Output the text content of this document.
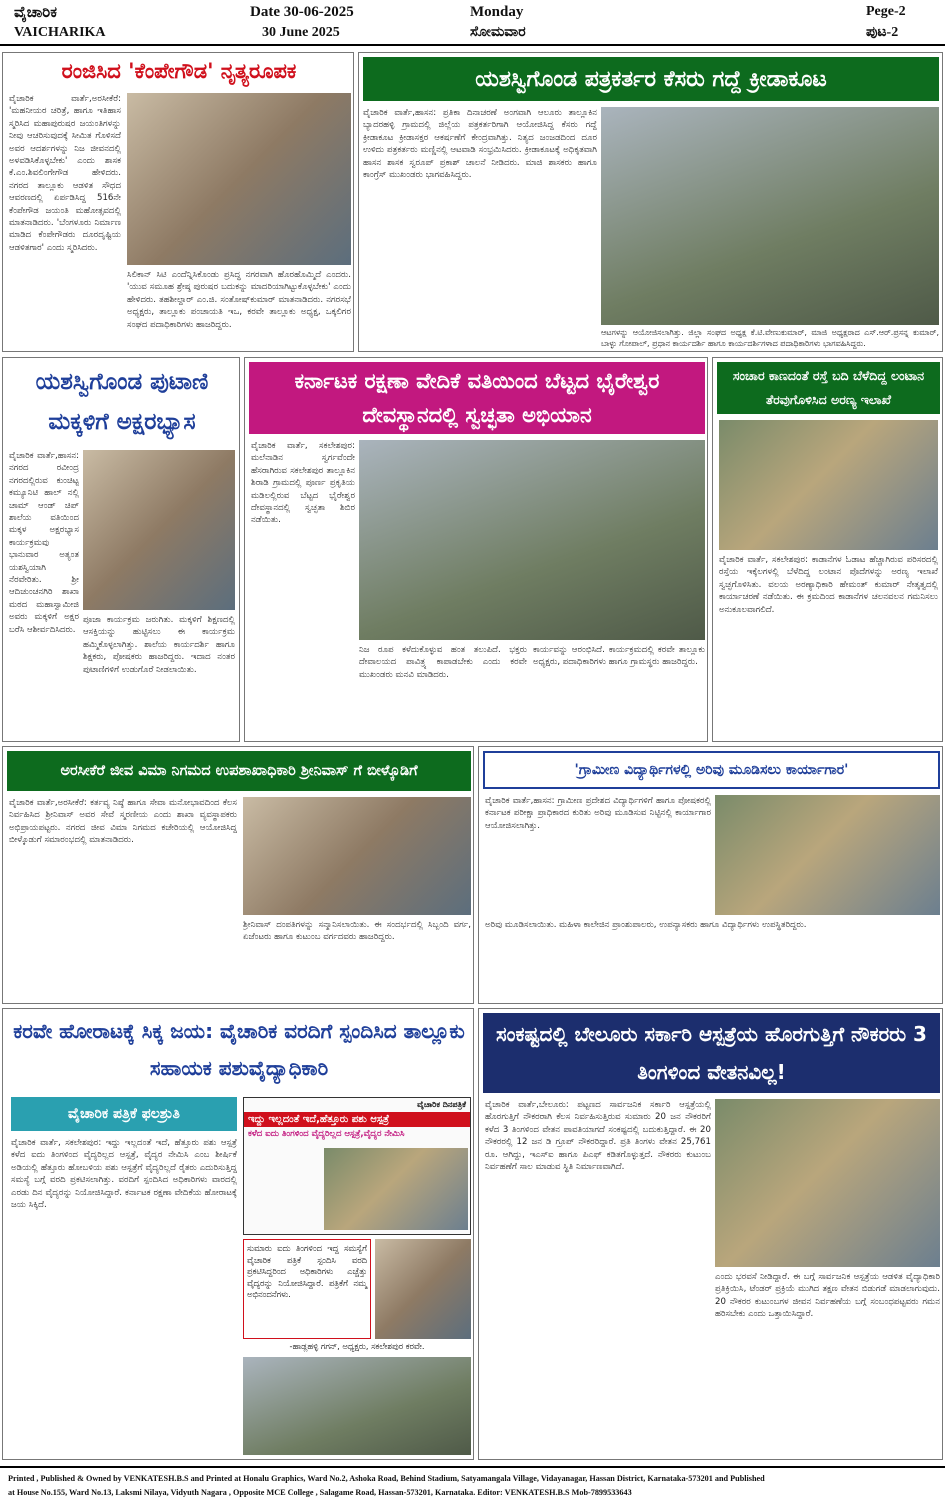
ವೈಚಾರಿಕ
VAICHARIKA
Date 30-06-2025
30 June 2025
Monday
ಸೋಮವಾರ
Pege-2
ಪುಟ-2
ರಂಜಿಸಿದ 'ಕೆಂಪೇಗೌಡ' ನೃತ್ಯರೂಪಕ
ವೈಚಾರಿಕ ವಾರ್ತೆ,ಅರಸೀಕೆರೆ: 'ಮಹನೀಯರ ಚರಿತ್ರೆ, ಹಾಗೂ ಇತಿಹಾಸ ಸ್ಮರಿಸಿದ ಮಹಾಪುರುಷರ ಜಯಂತಿಗಳನ್ನು ನೀವು ಆಚರಿಸುವುದಕ್ಕೆ ಸೀಮಿತ ಗೊಳಿಸದೆ ಅವರ ಆದರ್ಶಗಳನ್ನು ನಿಜ ಜೀವನದಲ್ಲಿ ಅಳವಡಿಸಿಕೊಳ್ಳಬೇಕು' ಎಂದು ಶಾಸಕ ಕೆ.ಎಂ.ಶಿವಲಿಂಗೇಗೌಡ ಹೇಳಿದರು. ನಗರದ ತಾಲ್ಲೂಕು ಆಡಳಿತ ಸೌಧದ ಆವರಣದಲ್ಲಿ ಏರ್ಪಡಿಸಿದ್ದ 516ನೇ ಕೆಂಪೇಗೌಡ ಜಯಂತಿ ಮಹೋತ್ಸವದಲ್ಲಿ ಮಾತನಾಡಿದರು. 'ಬೆಂಗಳೂರು ನಿರ್ಮಾಣ ಮಾಡಿದ ಕೆಂಪೇಗೌಡರು ದೂರದೃಷ್ಟಿಯ ಆಡಳಿತಗಾರ' ಎಂದು ಸ್ಮರಿಸಿದರು.
ಸಿಲಿಕಾನ್ ಸಿಟಿ ಎಂದೆನ್ನಿಸಿಕೊಂಡು ಪ್ರಸಿದ್ಧ ನಗರವಾಗಿ ಹೊರಹೊಮ್ಮಿದೆ ಎಂದರು. 'ಯುವ ಸಮೂಹ ಶ್ರೇಷ್ಠ ಪುರುಷರ ಬದುಕನ್ನು ಮಾದರಿಯಾಗಿಟ್ಟುಕೊಳ್ಳಬೇಕು' ಎಂದು ಹೇಳಿದರು. ತಹಶೀಲ್ದಾರ್ ಎಂ.ಜಿ. ಸಂತೋಷ್‌ಕುಮಾರ್ ಮಾತನಾಡಿದರು. ನಗರಸಭೆ ಅಧ್ಯಕ್ಷರು, ತಾಲ್ಲೂಕು ಪಂಚಾಯತಿ ಇಒ, ಕರವೇ ತಾಲ್ಲೂಕು ಅಧ್ಯಕ್ಷ, ಒಕ್ಕಲಿಗರ ಸಂಘದ ಪದಾಧಿಕಾರಿಗಳು ಹಾಜರಿದ್ದರು.
ಯಶಸ್ವಿಗೊಂಡ ಪತ್ರಕರ್ತರ ಕೆಸರು ಗದ್ದೆ ಕ್ರೀಡಾಕೂಟ
ವೈಚಾರಿಕ ವಾರ್ತೆ,ಹಾಸನ: ಪ್ರತಿಕಾ ದಿನಾಚರಣೆ ಅಂಗವಾಗಿ ಆಲೂರು ತಾಲ್ಲೂಕಿನ ಬ್ಯಾದರಹಳ್ಳಿ ಗ್ರಾಮದಲ್ಲಿ ಜಿಲ್ಲೆಯ ಪತ್ರಕರ್ತರಿಗಾಗಿ ಆಯೋಜಿಸಿದ್ದ ಕೆಸರು ಗದ್ದೆ ಕ್ರೀಡಾಕೂಟ ಕ್ರೀಡಾಸಕ್ತರ ಆಕರ್ಷಣೆಗೆ ಕೇಂದ್ರವಾಗಿತ್ತು. ನಿತ್ಯದ ಜಂಜಡದಿಂದ ದೂರ ಉಳಿದು ಪತ್ರಕರ್ತರು ಮಣ್ಣಿನಲ್ಲಿ ಆಟವಾಡಿ ಸಂಭ್ರಮಿಸಿದರು. ಕ್ರೀಡಾಕೂಟಕ್ಕೆ ಅಧಿಕೃತವಾಗಿ ಹಾಸನ ಶಾಸಕ ಸ್ವರೂಪ್ ಪ್ರಕಾಶ್ ಚಾಲನೆ ನೀಡಿದರು. ಮಾಜಿ ಶಾಸಕರು ಹಾಗೂ ಕಾಂಗ್ರೆಸ್ ಮುಖಂಡರು ಭಾಗವಹಿಸಿದ್ದರು.
ಆಟಗಳನ್ನು ಆಯೋಜಿಸಲಾಗಿತ್ತು. ಜಿಲ್ಲಾ ಸಂಘದ ಅಧ್ಯಕ್ಷ ಕೆ.ಟಿ.ವೇಣುಕುಮಾರ್, ಮಾಜಿ ಅಧ್ಯಕ್ಷರಾದ ಎಸ್.ಆರ್.ಪ್ರಸನ್ನ ಕುಮಾರ್, ಬಾಳ್ಳು ಗೋಪಾಲ್, ಪ್ರಧಾನ ಕಾರ್ಯದರ್ಶಿ ಹಾಗೂ ಕಾರ್ಯದರ್ಶಿಗಳಾದ ಪದಾಧಿಕಾರಿಗಳು ಭಾಗವಹಿಸಿದ್ದರು.
ಯಶಸ್ವಿಗೊಂಡ ಪುಟಾಣಿ ಮಕ್ಕಳಿಗೆ ಅಕ್ಷರಭ್ಯಾಸ
ವೈಚಾರಿಕ ವಾರ್ತೆ,ಹಾಸನ: ನಗರದ ರವೀಂದ್ರ ನಗರದಲ್ಲಿರುವ ಕುಂಚಿಟ್ಟ ಕಮ್ಯೂನಿಟಿ ಹಾಲ್ ನಲ್ಲಿ ಚಾಮ್ ಆಂಡ್ ಚಿಪ್ ಶಾಲೆಯ ವತಿಯಿಂದ ಮಕ್ಕಳ ಅಕ್ಷರಭ್ಯಾಸ ಕಾರ್ಯಕ್ರಮವು ಭಾನುವಾರ ಅತ್ಯಂತ ಯಶಸ್ವಿಯಾಗಿ ನೆರವೇರಿತು. ಶ್ರೀ ಆದಿಚುಂಚನಗಿರಿ ಶಾಖಾ ಮಠದ ಮಹಾಸ್ವಾಮೀಜಿ ಅವರು ಮಕ್ಕಳಿಗೆ ಅಕ್ಷರ ಬರೆಸಿ ಆಶೀರ್ವದಿಸಿದರು.
ಪೂಜಾ ಕಾರ್ಯಕ್ರಮ ಜರುಗಿತು. ಮಕ್ಕಳಿಗೆ ಶಿಕ್ಷಣದಲ್ಲಿ ಆಸಕ್ತಿಯನ್ನು ಹುಟ್ಟಿಸಲು ಈ ಕಾರ್ಯಕ್ರಮ ಹಮ್ಮಿಕೊಳ್ಳಲಾಗಿತ್ತು. ಶಾಲೆಯ ಕಾರ್ಯದರ್ಶಿ ಹಾಗೂ ಶಿಕ್ಷಕರು, ಪೋಷಕರು ಹಾಜರಿದ್ದರು. ಇದಾದ ನಂತರ ಪುಟಾಣಿಗಳಿಗೆ ಉಡುಗೊರೆ ನೀಡಲಾಯಿತು.
ಕರ್ನಾಟಕ ರಕ್ಷಣಾ ವೇದಿಕೆ ವತಿಯಿಂದ ಬೆಟ್ಟದ ಭೈರೇಶ್ವರ ದೇವಸ್ಥಾನದಲ್ಲಿ ಸ್ವಚ್ಛತಾ ಅಭಿಯಾನ
ವೈಚಾರಿಕ ವಾರ್ತೆ, ಸಕಲೇಶಪುರ: ಮಲೆನಾಡಿನ ಸ್ವರ್ಗವೆಂದೇ ಹೆಸರಾಗಿರುವ ಸಕಲೇಶಪುರ ತಾಲ್ಲೂಕಿನ ಶಿರಾಡಿ ಗ್ರಾಮದಲ್ಲಿ ಪೂರ್ಣ ಪ್ರಕೃತಿಯ ಮಡಿಲಲ್ಲಿರುವ ಬೆಟ್ಟದ ಭೈರೇಶ್ವರ ದೇವಸ್ಥಾನದಲ್ಲಿ ಸ್ವಚ್ಛತಾ ಶಿಬಿರ ನಡೆಯಿತು.
ನಿಜ ರೂಪ ಕಳೆದುಕೊಳ್ಳುವ ಹಂತ ತಲುಪಿದೆ. ಭಕ್ತರು ದೇವಾಲಯದ ಪಾವಿತ್ರ್ಯ ಕಾಪಾಡಬೇಕು ಎಂದು ಕರವೇ ಮುಖಂಡರು ಮನವಿ ಮಾಡಿದರು.
ಕಾರ್ಯವನ್ನು ಆರಂಭಿಸಿದೆ. ಕಾರ್ಯಕ್ರಮದಲ್ಲಿ ಕರವೇ ತಾಲ್ಲೂಕು ಅಧ್ಯಕ್ಷರು, ಪದಾಧಿಕಾರಿಗಳು ಹಾಗೂ ಗ್ರಾಮಸ್ಥರು ಹಾಜರಿದ್ದರು.
ಸಂಚಾರ ಕಾಣದಂತೆ ರಸ್ತೆ ಬದಿ ಬೆಳೆದಿದ್ದ ಲಂಟಾನ ತೆರವುಗೊಳಿಸಿದ ಅರಣ್ಯ ಇಲಾಖೆ
ವೈಚಾರಿಕ ವಾರ್ತೆ, ಸಕಲೇಶಪುರ: ಕಾಡಾನೆಗಳ ಓಡಾಟ ಹೆಚ್ಚಾಗಿರುವ ಪರಿಸರದಲ್ಲಿ ರಸ್ತೆಯ ಇಕ್ಕೆಲಗಳಲ್ಲಿ ಬೆಳೆದಿದ್ದ ಲಂಟಾನ ಪೊದೆಗಳನ್ನು ಅರಣ್ಯ ಇಲಾಖೆ ಸ್ವಚ್ಛಗೊಳಿಸಿತು. ವಲಯ ಅರಣ್ಯಾಧಿಕಾರಿ ಹೇಮಂತ್ ಕುಮಾರ್ ನೇತೃತ್ವದಲ್ಲಿ ಕಾರ್ಯಾಚರಣೆ ನಡೆಯಿತು. ಈ ಕ್ರಮದಿಂದ ಕಾಡಾನೆಗಳ ಚಲನವಲನ ಗಮನಿಸಲು ಅನುಕೂಲವಾಗಲಿದೆ.
ಅರಸೀಕೆರೆ ಜೀವ ವಿಮಾ ನಿಗಮದ ಉಪಶಾಖಾಧಿಕಾರಿ ಶ್ರೀನಿವಾಸ್ ಗೆ ಬೀಳ್ಕೊಡಿಗೆ
ವೈಚಾರಿಕ ವಾರ್ತೆ,ಅರಸೀಕೆರೆ: ಕರ್ತವ್ಯ ನಿಷ್ಠೆ ಹಾಗೂ ಸೇವಾ ಮನೋಭಾವದಿಂದ ಕೆಲಸ ನಿರ್ವಹಿಸಿದ ಶ್ರೀನಿವಾಸ್ ಅವರ ಸೇವೆ ಸ್ಮರಣೀಯ ಎಂದು ಶಾಖಾ ವ್ಯವಸ್ಥಾಪಕರು ಅಭಿಪ್ರಾಯಪಟ್ಟರು. ನಗರದ ಜೀವ ವಿಮಾ ನಿಗಮದ ಕಚೇರಿಯಲ್ಲಿ ಆಯೋಜಿಸಿದ್ದ ಬೀಳ್ಕೊಡುಗೆ ಸಮಾರಂಭದಲ್ಲಿ ಮಾತನಾಡಿದರು.
ಶ್ರೀನಿವಾಸ್ ದಂಪತಿಗಳನ್ನು ಸನ್ಮಾನಿಸಲಾಯಿತು. ಈ ಸಂದರ್ಭದಲ್ಲಿ ಸಿಬ್ಬಂದಿ ವರ್ಗ, ಏಜೆಂಟರು ಹಾಗೂ ಕುಟುಂಬ ವರ್ಗದವರು ಹಾಜರಿದ್ದರು.
'ಗ್ರಾಮೀಣ ವಿದ್ಯಾರ್ಥಿಗಳಲ್ಲಿ ಅರಿವು ಮೂಡಿಸಲು ಕಾರ್ಯಾಗಾರ'
ವೈಚಾರಿಕ ವಾರ್ತೆ,ಹಾಸನ: ಗ್ರಾಮೀಣ ಪ್ರದೇಶದ ವಿದ್ಯಾರ್ಥಿಗಳಿಗೆ ಹಾಗೂ ಪೋಷಕರಲ್ಲಿ ಕರ್ನಾಟಕ ಪರೀಕ್ಷಾ ಪ್ರಾಧಿಕಾರದ ಕುರಿತು ಅರಿವು ಮೂಡಿಸುವ ನಿಟ್ಟಿನಲ್ಲಿ ಕಾರ್ಯಾಗಾರ ಆಯೋಜಿಸಲಾಗಿತ್ತು.
ಅರಿವು ಮೂಡಿಸಲಾಯಿತು. ಮಹಿಳಾ ಕಾಲೇಜಿನ ಪ್ರಾಂಶುಪಾಲರು, ಉಪನ್ಯಾಸಕರು ಹಾಗೂ ವಿದ್ಯಾರ್ಥಿಗಳು ಉಪಸ್ಥಿತರಿದ್ದರು.
ಕರವೇ ಹೋರಾಟಕ್ಕೆ ಸಿಕ್ಕ ಜಯ: ವೈಚಾರಿಕ ವರದಿಗೆ ಸ್ಪಂದಿಸಿದ ತಾಲ್ಲೂಕು ಸಹಾಯಕ ಪಶುವೈದ್ಯಾಧಿಕಾರಿ
ವೈಚಾರಿಕ ಪತ್ರಿಕೆ ಫಲಶ್ರುತಿ
ವೈಚಾರಿಕ ವಾರ್ತೆ, ಸಕಲೇಶಪುರ: ಇದ್ದು ಇಲ್ಲದಂತೆ ಇದೆ, ಹೆತ್ತೂರು ಪಶು ಆಸ್ಪತ್ರೆ ಕಳೆದ ಐದು ತಿಂಗಳಿಂದ ವೈದ್ಯರಿಲ್ಲದ ಆಸ್ಪತ್ರೆ, ವೈದ್ಯರ ನೇಮಿಸಿ ಎಂಬ ಶೀರ್ಷಿಕೆ ಅಡಿಯಲ್ಲಿ ಹೆತ್ತೂರು ಹೋಬಳಿಯ ಪಶು ಆಸ್ಪತ್ರೆಗೆ ವೈದ್ಯರಿಲ್ಲದೆ ರೈತರು ಎದುರಿಸುತ್ತಿದ್ದ ಸಮಸ್ಯೆ ಬಗ್ಗೆ ವರದಿ ಪ್ರಕಟಿಸಲಾಗಿತ್ತು. ವರದಿಗೆ ಸ್ಪಂದಿಸಿದ ಅಧಿಕಾರಿಗಳು ವಾರದಲ್ಲಿ ಎರಡು ದಿನ ವೈದ್ಯರನ್ನು ನಿಯೋಜಿಸಿದ್ದಾರೆ. ಕರ್ನಾಟಕ ರಕ್ಷಣಾ ವೇದಿಕೆಯ ಹೋರಾಟಕ್ಕೆ ಜಯ ಸಿಕ್ಕಿದೆ.
ವೈಚಾರಿಕ ದಿನಪತ್ರಿಕೆ
ಇದ್ದು ಇಲ್ಲದಂತೆ ಇದೆ,ಹೆತ್ತೂರು ಪಶು ಆಸ್ಪತ್ರೆ
ಕಳೆದ ಐದು ತಿಂಗಳಿಂದ ವೈದ್ಯರಿಲ್ಲದ ಆಸ್ಪತ್ರೆ,ವೈದ್ಯರ ನೇಮಿಸಿ
ಸುಮಾರು ಐದು ತಿಂಗಳಿಂದ ಇದ್ದ ಸಮಸ್ಯೆಗೆ ವೈಚಾರಿಕ ಪತ್ರಿಕೆ ಸ್ಪಂದಿಸಿ ವರದಿ ಪ್ರಕಟಿಸಿದ್ದರಿಂದ ಅಧಿಕಾರಿಗಳು ಎಚ್ಚೆತ್ತು ವೈದ್ಯರನ್ನು ನಿಯೋಜಿಸಿದ್ದಾರೆ. ಪತ್ರಿಕೆಗೆ ನಮ್ಮ ಅಭಿನಂದನೆಗಳು.
-ಹಾಡ್ಲಹಳ್ಳಿ ಗಗನ್, ಅಧ್ಯಕ್ಷರು, ಸಕಲೇಶಪುರ ಕರವೇ.
ಸಂಕಷ್ಟದಲ್ಲಿ ಬೇಲೂರು ಸರ್ಕಾರಿ ಆಸ್ಪತ್ರೆಯ ಹೊರಗುತ್ತಿಗೆ ನೌಕರರು 3 ತಿಂಗಳಿಂದ ವೇತನವಿಲ್ಲ!
ವೈಚಾರಿಕ ವಾರ್ತೆ,ಬೇಲೂರು: ಪಟ್ಟಣದ ಸಾರ್ವಜನಿಕ ಸರ್ಕಾರಿ ಆಸ್ಪತ್ರೆಯಲ್ಲಿ ಹೊರಗುತ್ತಿಗೆ ನೌಕರರಾಗಿ ಕೆಲಸ ನಿರ್ವಹಿಸುತ್ತಿರುವ ಸುಮಾರು 20 ಜನ ನೌಕರರಿಗೆ ಕಳೆದ 3 ತಿಂಗಳಿಂದ ವೇತನ ಪಾವತಿಯಾಗದೆ ಸಂಕಷ್ಟದಲ್ಲಿ ಬದುಕುತ್ತಿದ್ದಾರೆ. ಈ 20 ನೌಕರರಲ್ಲಿ 12 ಜನ ಡಿ ಗ್ರೂಪ್ ನೌಕರರಿದ್ದಾರೆ. ಪ್ರತಿ ತಿಂಗಳು ವೇತನ 25,761 ರೂ. ಆಗಿದ್ದು, ಇಎಸ್ಐ ಹಾಗೂ ಪಿಎಫ್ ಕಡಿತಗೊಳ್ಳುತ್ತದೆ. ನೌಕರರು ಕುಟುಂಬ ನಿರ್ವಹಣೆಗೆ ಸಾಲ ಮಾಡುವ ಸ್ಥಿತಿ ನಿರ್ಮಾಣವಾಗಿದೆ.
ಎಂದು ಭರವಸೆ ನೀಡಿದ್ದಾರೆ. ಈ ಬಗ್ಗೆ ಸಾರ್ವಜನಿಕ ಆಸ್ಪತ್ರೆಯ ಆಡಳಿತ ವೈದ್ಯಾಧಿಕಾರಿ ಪ್ರತಿಕ್ರಿಯಿಸಿ, ಟೆಂಡರ್ ಪ್ರಕ್ರಿಯೆ ಮುಗಿದ ತಕ್ಷಣ ವೇತನ ಬಿಡುಗಡೆ ಮಾಡಲಾಗುವುದು. 20 ನೌಕರರ ಕುಟುಂಬಗಳ ಜೀವನ ನಿರ್ವಹಣೆಯ ಬಗ್ಗೆ ಸಂಬಂಧಪಟ್ಟವರು ಗಮನ ಹರಿಸಬೇಕು ಎಂದು ಒತ್ತಾಯಿಸಿದ್ದಾರೆ.
Printed , Published & Owned by VENKATESH.B.S and Printed at Honalu Graphics, Ward No.2, Ashoka Road, Behind Stadium, Satyamangala Village, Vidayanagar, Hassan District, Karnataka-573201 and Published
at House No.155, Ward No.13, Laksmi Nilaya, Vidyuth Nagara , Opposite MCE College , Salagame Road, Hassan-573201, Karnataka. Editor: VENKATESH.B.S Mob-7899533643
